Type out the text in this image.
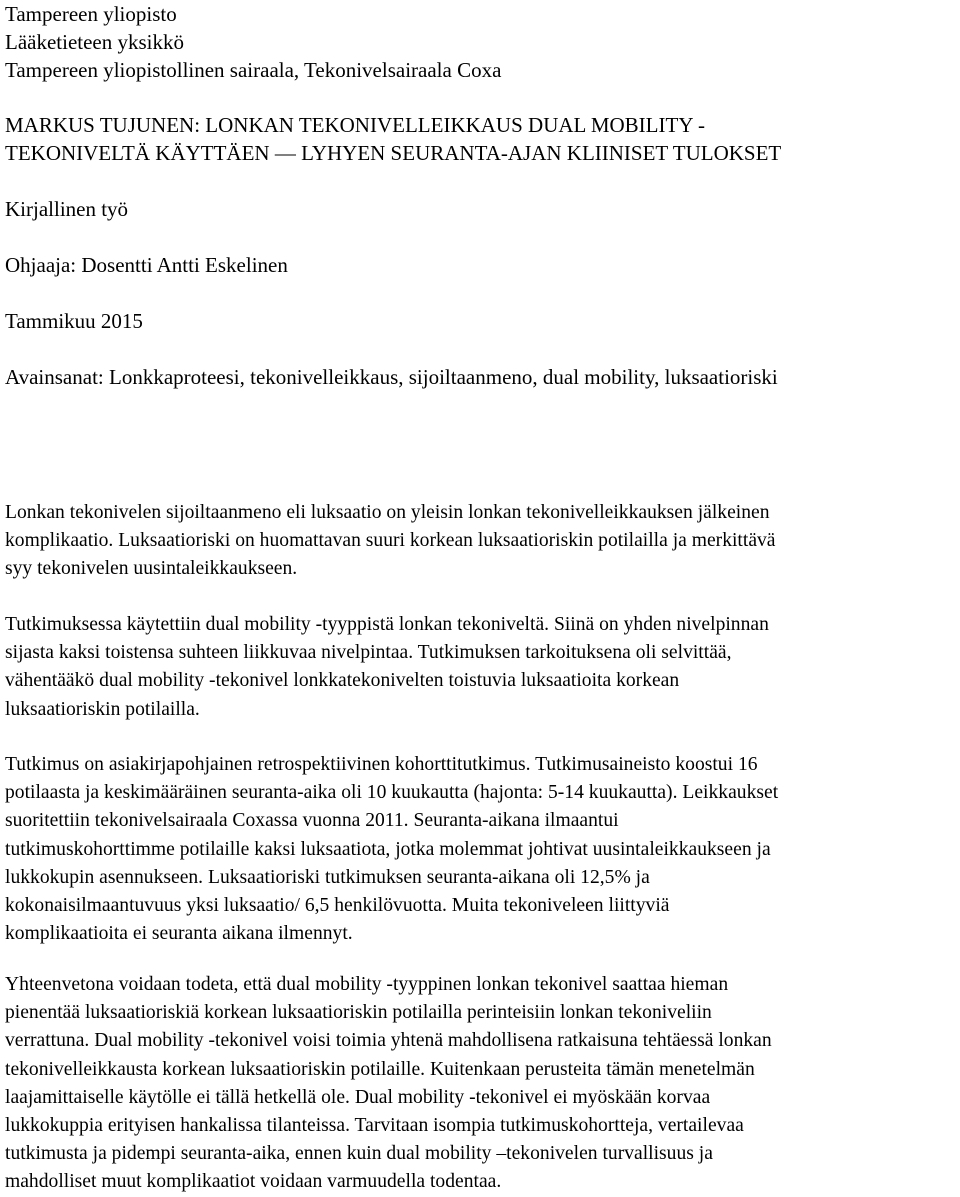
Tampereen yliopisto

Lääketieteen yksikkö

Tampereen yliopistollinen sairaala, Tekonivelsairaala Coxa

MARKUS TUJUNEN: LONKAN TEKONIVELLEIKKAUS DUAL MOBILITY -

TEKONIVELTÄ KÄYTTÄEN — LYHYEN SEURANTA-AJAN KLIINISET TULOKSET

Kirjallinen työ

Ohjaaja: Dosentti Antti Eskelinen

Tammikuu 2015

Avainsanat: Lonkkaproteesi, tekonivelleikkaus, sijoiltaanmeno, dual mobility, luksaatioriski

Lonkan tekonivelen sijoiltaanmeno eli luksaatio on yleisin lonkan tekonivelleikkauksen jälkeinen
komplikaatio. Luksaatioriski on huomattavan suuri korkean luksaatioriskin potilailla ja merkittävä
syy tekonivelen uusintaleikkaukseen.
Tutkimuksessa käytettiin dual mobility -tyyppistä lonkan tekoniveltä. Siinä on yhden nivelpinnan
sijasta kaksi toistensa suhteen liikkuvaa nivelpintaa. Tutkimuksen tarkoituksena oli selvittää,
vähentääkö dual mobility -tekonivel lonkkatekonivelten toistuvia luksaatioita korkean
luksaatioriskin potilailla.
Tutkimus on asiakirjapohjainen retrospektiivinen kohorttitutkimus. Tutkimusaineisto koostui 16
potilaasta ja keskimääräinen seuranta-aika oli 10 kuukautta (hajonta: 5-14 kuukautta). Leikkaukset
suoritettiin tekonivelsairaala Coxassa vuonna 2011. Seuranta-aikana ilmaantui
tutkimuskohorttimme potilaille kaksi luksaatiota, jotka molemmat johtivat uusintaleikkaukseen ja
lukkokupin asennukseen. Luksaatioriski tutkimuksen seuranta-aikana oli 12,5% ja
kokonaisilmaantuvuus yksi luksaatio/ 6,5 henkilövuotta. Muita tekoniveleen liittyviä
komplikaatioita ei seuranta aikana ilmennyt.
Yhteenvetona voidaan todeta, että dual mobility -tyyppinen lonkan tekonivel saattaa hieman
pienentää luksaatioriskiä korkean luksaatioriskin potilailla perinteisiin lonkan tekoniveliin
verrattuna. Dual mobility -tekonivel voisi toimia yhtenä mahdollisena ratkaisuna tehtäessä lonkan
tekonivelleikkausta korkean luksaatioriskin potilaille. Kuitenkaan perusteita tämän menetelmän
laajamittaiselle käytölle ei tällä hetkellä ole. Dual mobility -tekonivel ei myöskään korvaa
lukkokuppia erityisen hankalissa tilanteissa. Tarvitaan isompia tutkimuskohortteja, vertailevaa
tutkimusta ja pidempi seuranta-aika, ennen kuin dual mobility –tekonivelen turvallisuus ja
mahdolliset muut komplikaatiot voidaan varmuudella todentaa.
